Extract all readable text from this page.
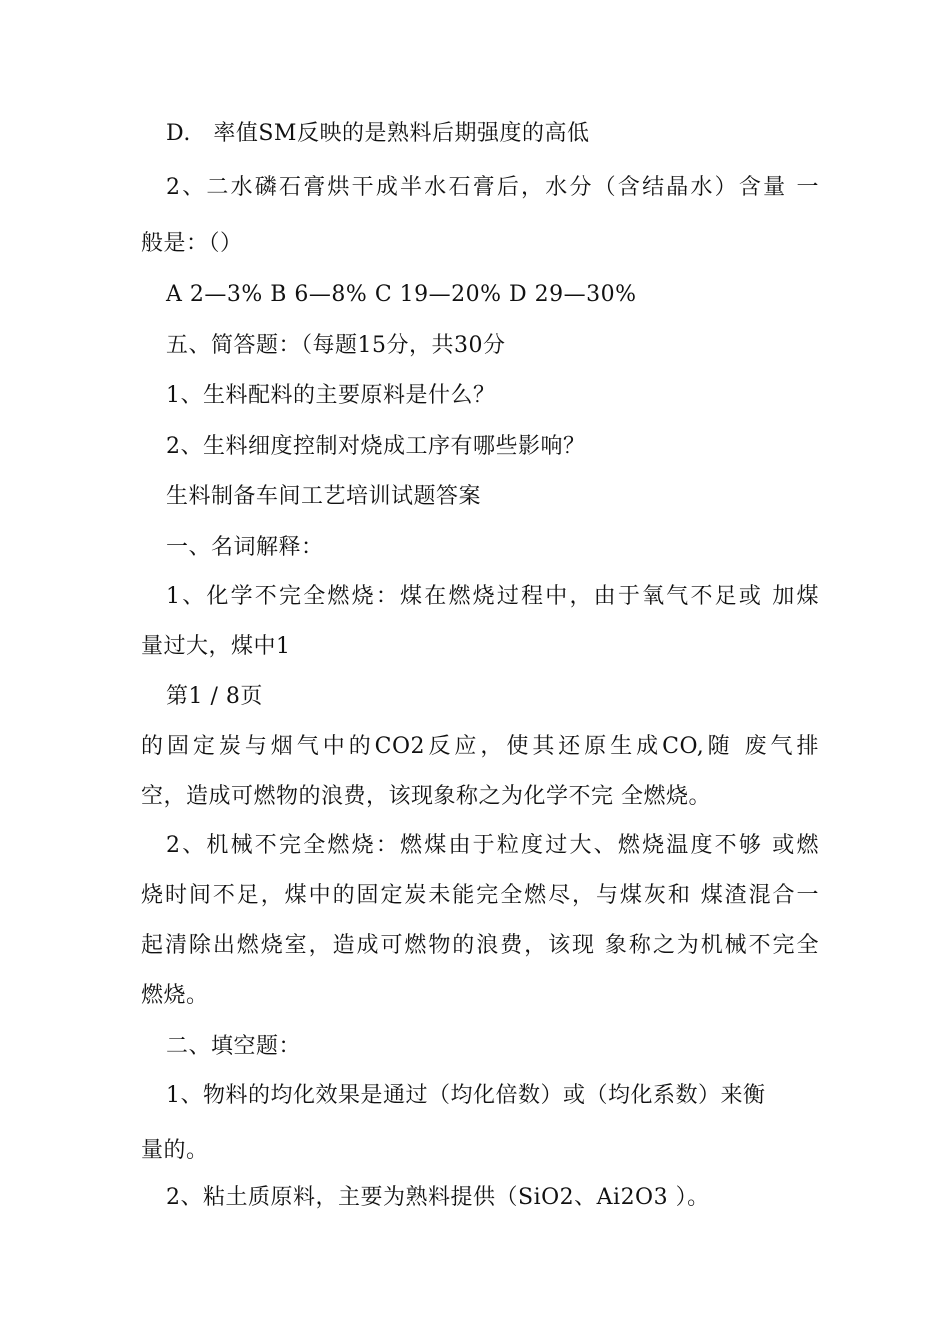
D.　率值SM反映的是熟料后期强度的高低
2、二水磷石膏烘干成半水石膏后，水分（含结晶水）含量 一
般是：（）
A 2—3% B 6—8% C 19—20% D 29—30%
五、简答题：（每题15分，共30分
1、生料配料的主要原料是什么？
2、生料细度控制对烧成工序有哪些影响？
生料制备车间工艺培训试题答案
一、名词解释：
1、化学不完全燃烧：煤在燃烧过程中，由于氧气不足或 加煤
量过大，煤中1
第1 / 8页
的固定炭与烟气中的CO2反应，使其还原生成CO,随 废气排
空，造成可燃物的浪费，该现象称之为化学不完 全燃烧。
2、机械不完全燃烧：燃煤由于粒度过大、燃烧温度不够 或燃
烧时间不足，煤中的固定炭未能完全燃尽，与煤灰和 煤渣混合一
起清除出燃烧室，造成可燃物的浪费，该现 象称之为机械不完全
燃烧。
二、填空题：
1、物料的均化效果是通过（均化倍数）或（均化系数）来衡
量的。
2、粘土质原料，主要为熟料提供（SiO2、Ai2O3 ）。
